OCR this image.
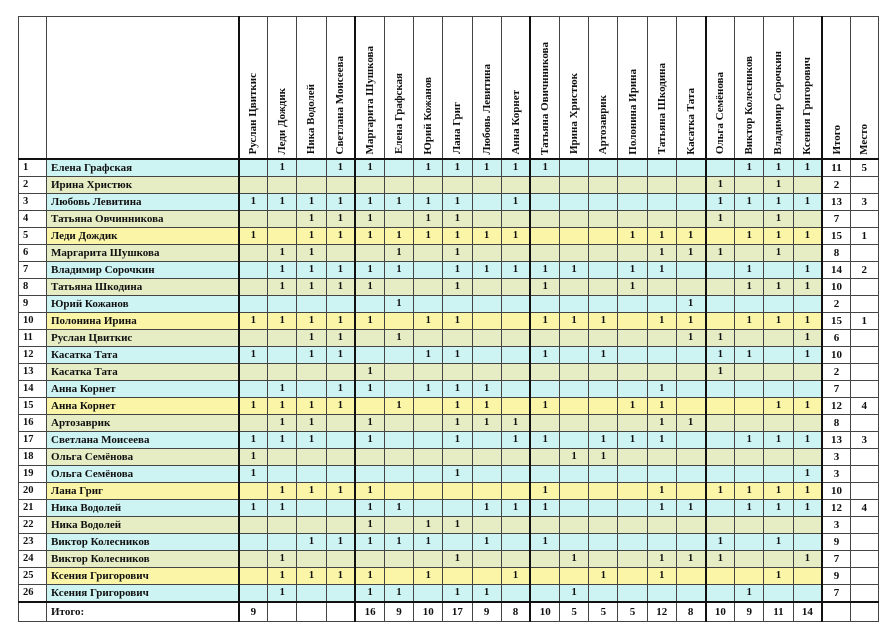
		Руслан Цвиткис	Леди Дождик	Ника Водолей	Светлана Моисеева	Маргарита Шушкова	Елена Графская	Юрий Кожанов	Лана Григ	Любовь Левитина	Анна Корнет	Татьяна Овичнникова	Ирина Христюк	Артозаврик	Полонина Ирина	Татьяна Шкодина	Касатка Тата	Ольга Семёнова	Виктор Колесников	Владимир Сорочкин	Ксения Григорович	Итого	Место
1	Елена Графская		1		1	1		1	1	1	1	1							1	1	1	11	5
2	Ирина Христюк																	1		1		2	
3	Любовь Левитина	1	1	1	1	1	1	1	1		1							1	1	1	1	13	3
4	Татьяна Овчинникова			1	1	1		1	1									1		1		7	
5	Леди Дождик	1		1	1	1	1	1	1	1	1				1	1	1		1	1	1	15	1
6	Маргарита Шушкова		1	1			1		1							1	1	1		1		8	
7	Владимир Сорочкин		1	1	1	1	1		1	1	1	1	1		1	1			1		1	14	2
8	Татьяна Шкодина		1	1	1	1			1			1			1				1	1	1	10	
9	Юрий Кожанов						1										1					2	
10	Полонина Ирина	1	1	1	1	1		1	1			1	1	1		1	1		1	1	1	15	1
11	Руслан Цвиткис			1	1		1										1	1			1	6	
12	Касатка Тата	1		1	1			1	1			1		1				1	1		1	10	
13	Касатка Тата					1												1				2	
14	Анна Корнет		1		1	1		1	1	1						1						7	
15	Анна Корнет	1	1	1	1		1		1	1		1			1	1				1	1	12	4
16	Артозаврик		1	1		1			1	1	1					1	1					8	
17	Светлана Моисеева	1	1	1		1			1		1	1		1	1	1			1	1	1	13	3
18	Ольга Семёнова	1											1	1								3	
19	Ольга Семёнова	1							1												1	3	
20	Лана Григ		1	1	1	1						1				1		1	1	1	1	10	
21	Ника Водолей	1	1			1	1			1	1	1				1	1		1	1	1	12	4
22	Ника Водолей					1		1	1													3	
23	Виктор Колесников			1	1	1	1	1		1		1						1		1		9	
24	Виктор Колесников		1						1				1			1	1	1			1	7	
25	Ксения Григорович		1	1	1	1		1			1			1		1				1		9	
26	Ксения Григорович		1			1	1		1	1			1						1			7	
	Итого:	9				16	9	10	17	9	8	10	5	5	5	12	8	10	9	11	14		
